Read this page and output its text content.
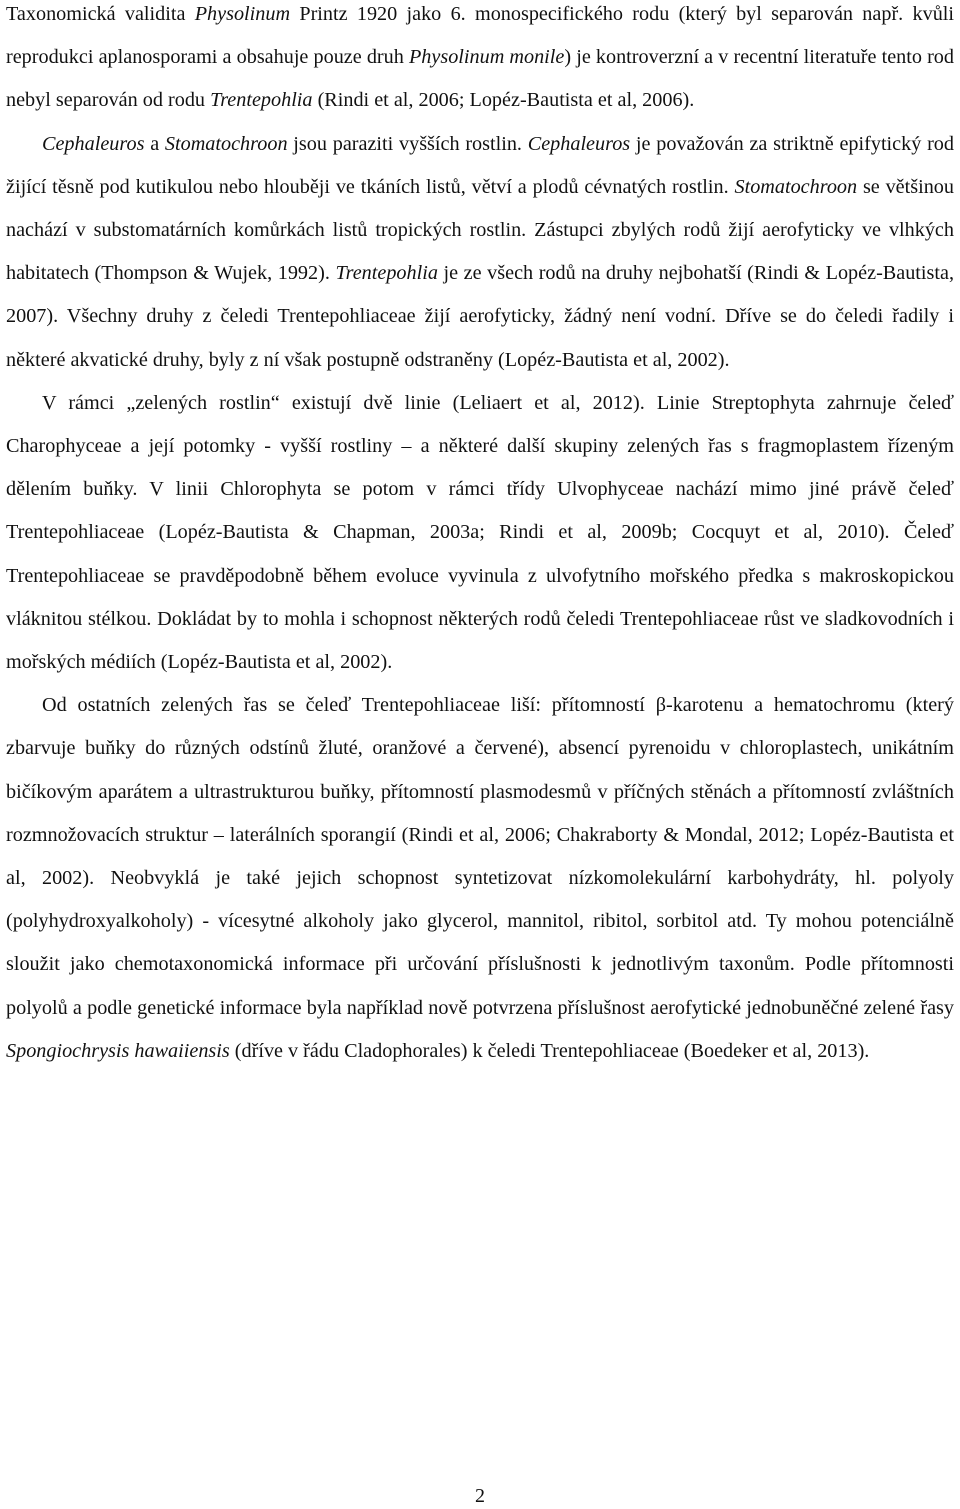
Taxonomická validita Physolinum Printz 1920 jako 6. monospecifického rodu (který byl separován např. kvůli reprodukci aplanosporami a obsahuje pouze druh Physolinum monile) je kontroverzní a v recentní literatuře tento rod nebyl separován od rodu Trentepohlia (Rindi et al, 2006; Lopéz-Bautista et al, 2006).

Cephaleuros a Stomatochroon jsou paraziti vyšších rostlin. Cephaleuros je považován za striktně epifytický rod žijící těsně pod kutikulou nebo hlouběji ve tkáních listů, větví a plodů cévnatých rostlin. Stomatochroon se většinou nachází v substomatárních komůrkách listů tropických rostlin. Zástupci zbylých rodů žijí aerofyticky ve vlhkých habitatech (Thompson & Wujek, 1992). Trentepohlia je ze všech rodů na druhy nejbohatší (Rindi & Lopéz-Bautista, 2007). Všechny druhy z čeledi Trentepohliaceae žijí aerofyticky, žádný není vodní. Dříve se do čeledi řadily i některé akvatické druhy, byly z ní však postupně odstraněny (Lopéz-Bautista et al, 2002).

V rámci „zelených rostlin“ existují dvě linie (Leliaert et al, 2012). Linie Streptophyta zahrnuje čeleď Charophyceae a její potomky - vyšší rostliny – a některé další skupiny zelených řas s fragmoplastem řízeným dělením buňky. V linii Chlorophyta se potom v rámci třídy Ulvophyceae nachází mimo jiné právě čeleď Trentepohliaceae (Lopéz-Bautista & Chapman, 2003a; Rindi et al, 2009b; Cocquyt et al, 2010). Čeleď Trentepohliaceae se pravděpodobně během evoluce vyvinula z ulvofytního mořského předka s makroskopickou vláknitou stélkou. Dokládat by to mohla i schopnost některých rodů čeledi Trentepohliaceae růst ve sladkovodních i mořských médiích (Lopéz-Bautista et al, 2002).

Od ostatních zelených řas se čeleď Trentepohliaceae liší: přítomností β-karotenu a hematochromu (který zbarvuje buňky do různých odstínů žluté, oranžové a červené), absencí pyrenoidu v chloroplastech, unikátním bičíkovým aparátem a ultrastrukturou buňky, přítomností plasmodesmů v příčných stěnách a přítomností zvláštních rozmnožovacích struktur – laterálních sporangií (Rindi et al, 2006; Chakraborty & Mondal, 2012; Lopéz-Bautista et al, 2002). Neobvyklá je také jejich schopnost syntetizovat nízkomolekulární karbohydráty, hl. polyoly (polyhydroxyalkoholy) - vícesytné alkoholy jako glycerol, mannitol, ribitol, sorbitol atd. Ty mohou potenciálně sloužit jako chemotaxonomická informace při určování příslušnosti k jednotlivým taxonům. Podle přítomnosti polyolů a podle genetické informace byla například nově potvrzena příslušnost aerofytické jednobuněčné zelené řasy Spongiochrysis hawaiiensis (dříve v řádu Cladophorales) k čeledi Trentepohliaceae (Boedeker et al, 2013).

2
